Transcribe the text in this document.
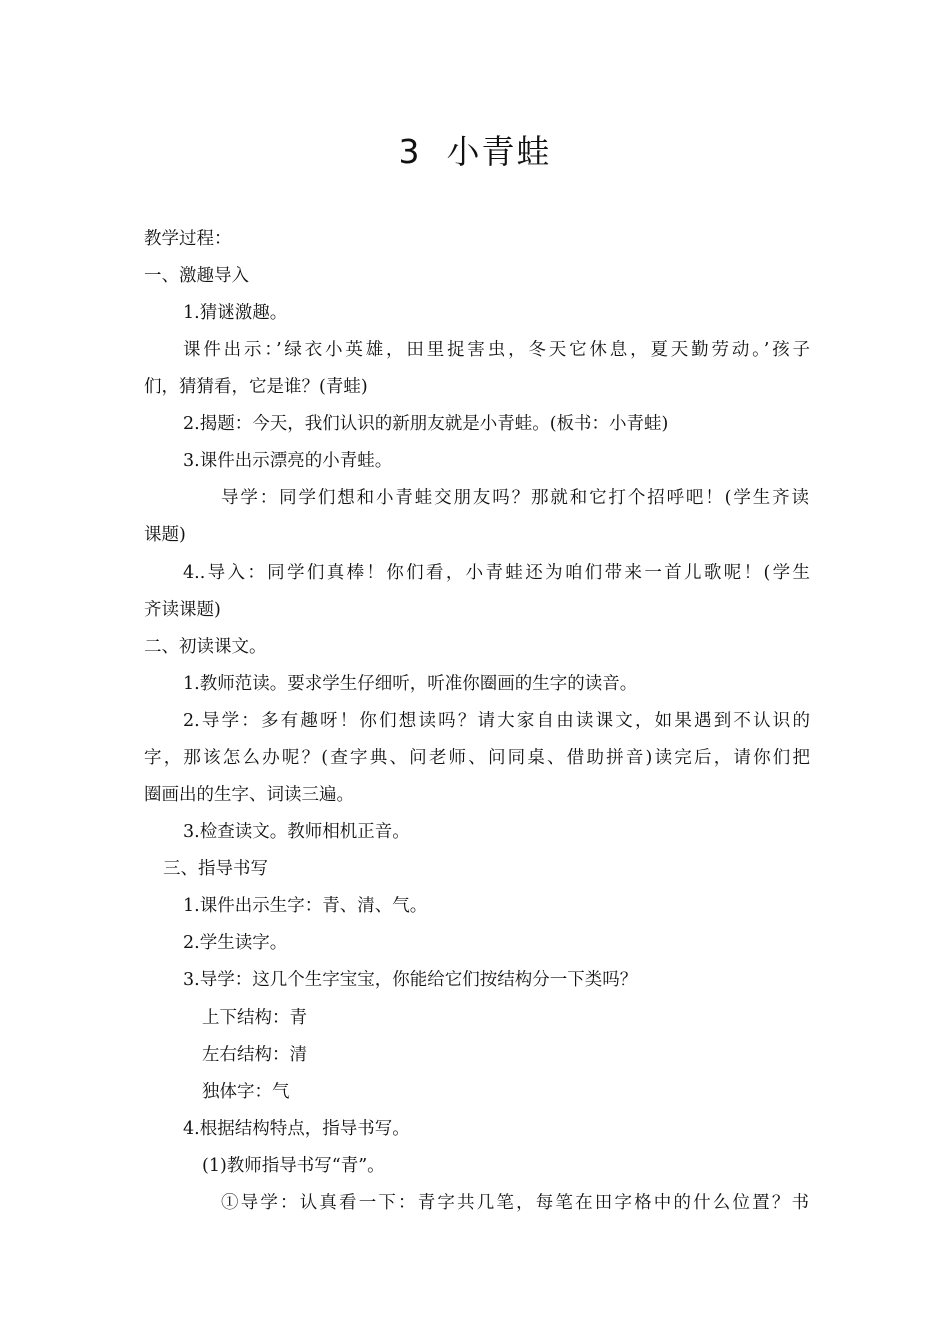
3  小青蛙
教学过程：
一、激趣导入
1.猜谜激趣。
课件出示：’绿衣小英雄，田里捉害虫，冬天它休息，夏天勤劳动。’孩子
们，猜猜看，它是谁？(青蛙)
2.揭题：今天，我们认识的新朋友就是小青蛙。(板书：小青蛙)
3.课件出示漂亮的小青蛙。
导学：同学们想和小青蛙交朋友吗？那就和它打个招呼吧！(学生齐读
课题)
4..导入：同学们真棒！你们看，小青蛙还为咱们带来一首儿歌呢！(学生
齐读课题)
二、初读课文。
1.教师范读。要求学生仔细听，听准你圈画的生字的读音。
2.导学：多有趣呀！你们想读吗？请大家自由读课文，如果遇到不认识的
字，那该怎么办呢？(查字典、问老师、问同桌、借助拼音)读完后，请你们把
圈画出的生字、词读三遍。
3.检查读文。教师相机正音。
三、指导书写
1.课件出示生字：青、清、气。
2.学生读字。
3.导学：这几个生字宝宝，你能给它们按结构分一下类吗？
上下结构：青
左右结构：清
独体字：气
4.根据结构特点，指导书写。
(1)教师指导书写“青”。
①导学：认真看一下：青字共几笔，每笔在田字格中的什么位置？书
